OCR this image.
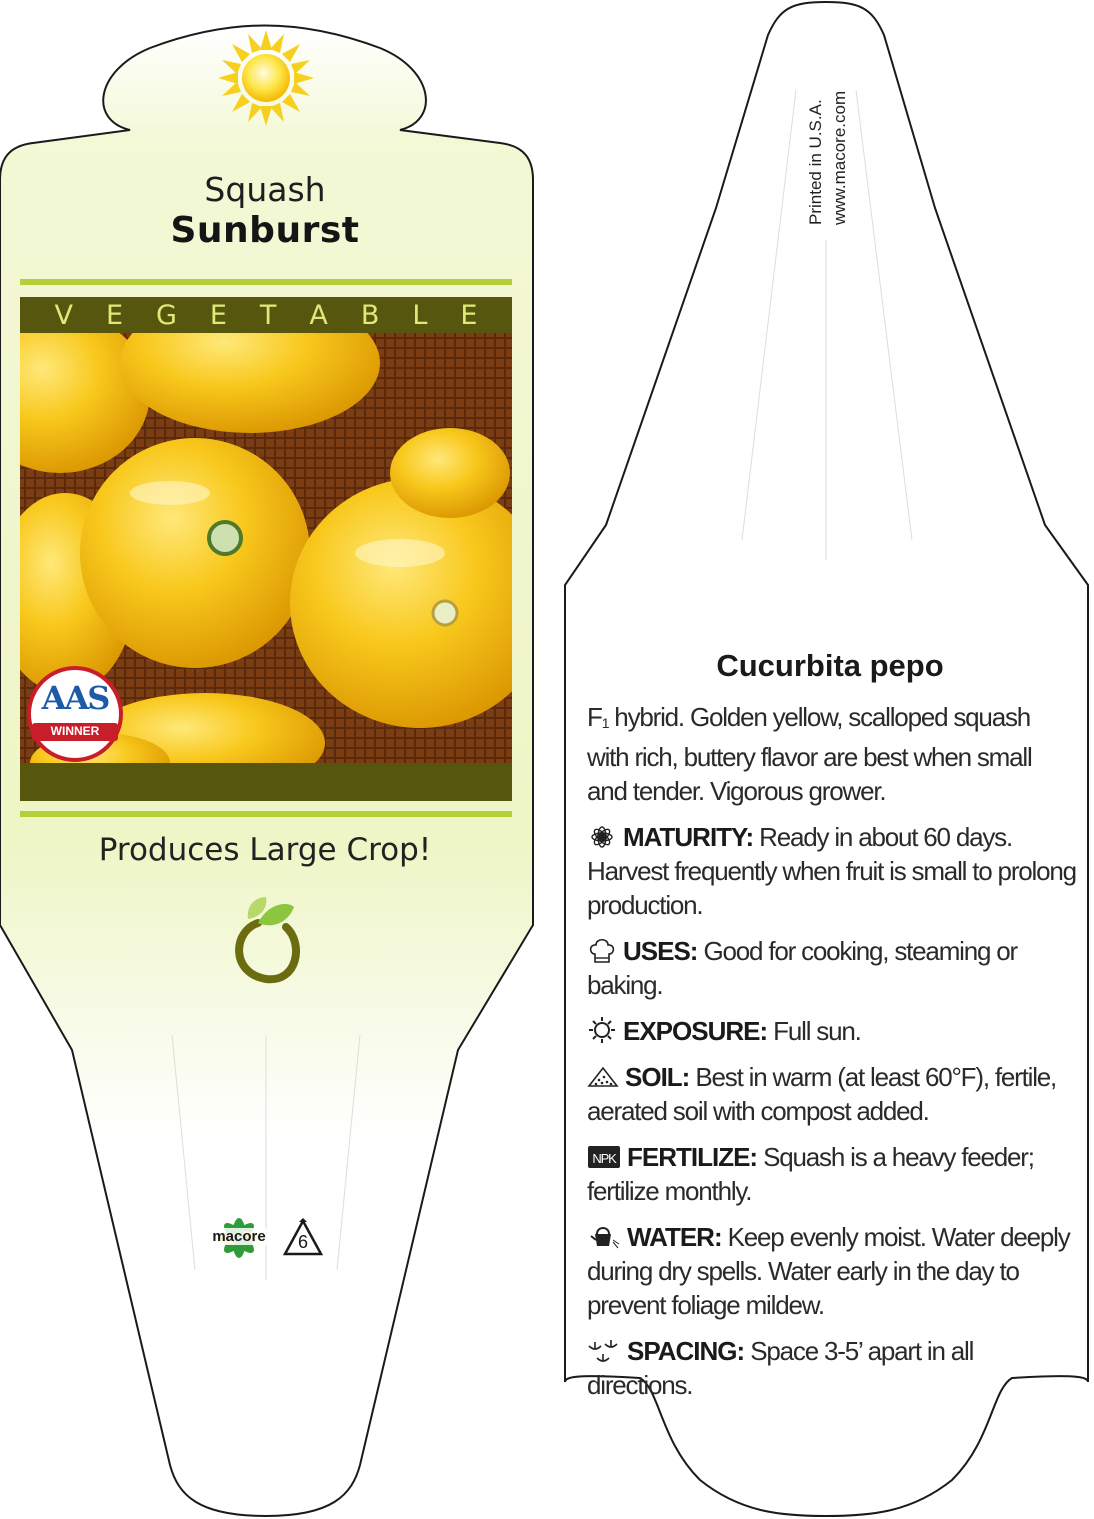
Squash
Sunburst
V E G E T A B L E
AAS
WINNER
Produces Large Crop!
macore	6
Printed in U.S.A. www.macore.com
Cucurbita pepo

F1 hybrid. Golden yellow, scalloped squash with rich, buttery flavor are best when small and tender. Vigorous grower.

MATURITY: Ready in about 60 days. Harvest frequently when fruit is small to prolong production.

USES: Good for cooking, steaming or baking.

EXPOSURE: Full sun.

SOIL: Best in warm (at least 60°F), fertile, aerated soil with compost added.

NPK FERTILIZE: Squash is a heavy feeder; fertilize monthly.

WATER: Keep evenly moist. Water deeply during dry spells. Water early in the day to prevent foliage mildew.

SPACING: Space 3-5’ apart in all directions.
